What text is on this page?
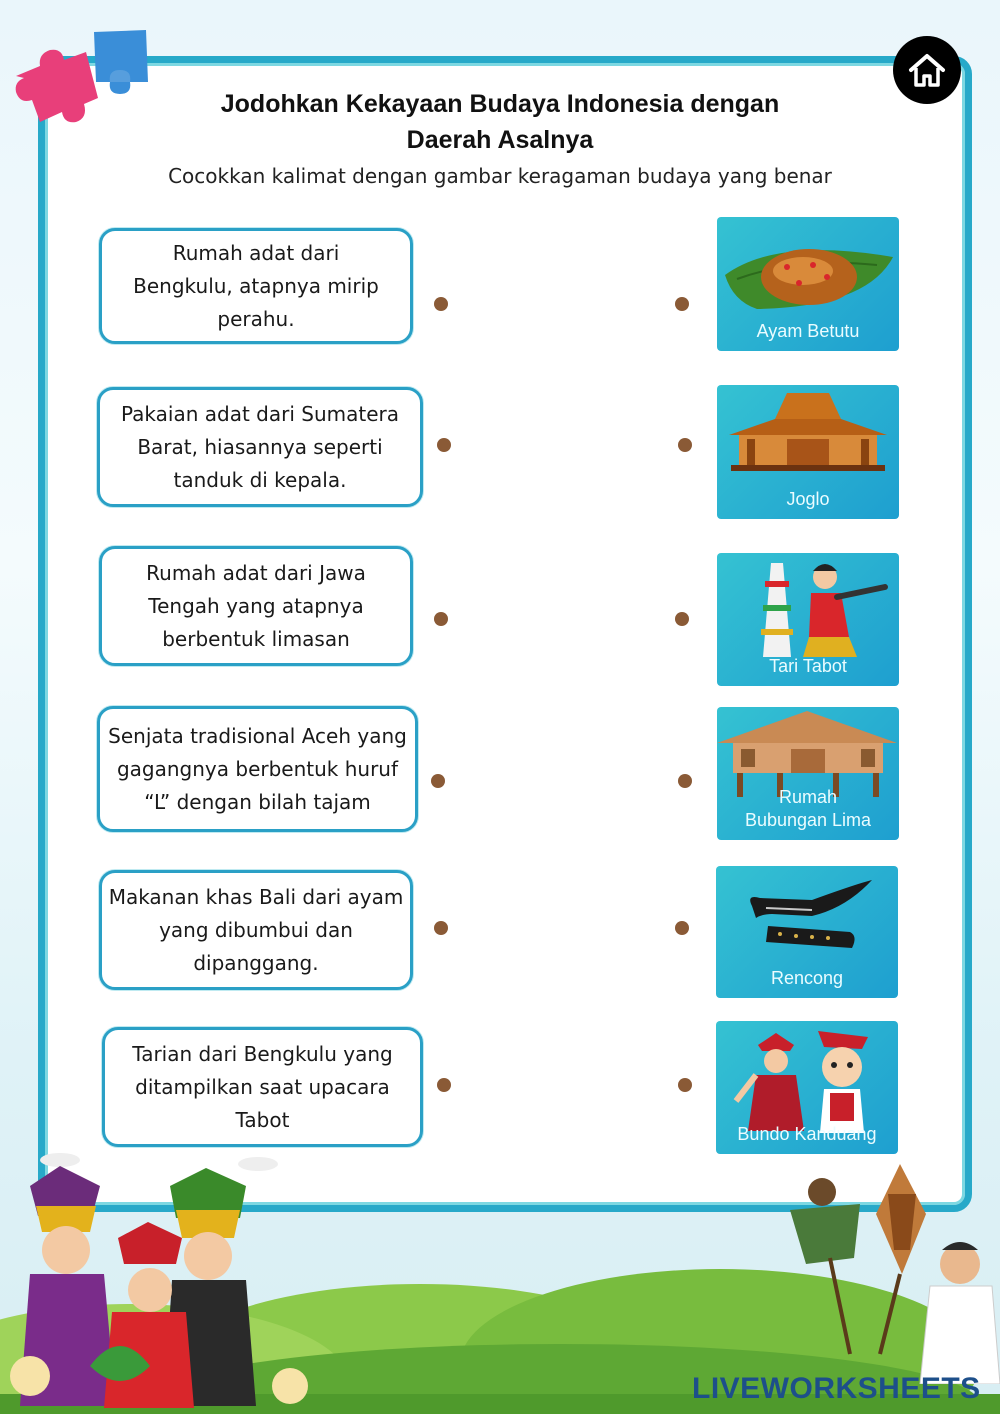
Jodohkan Kekayaan Budaya Indonesia dengan
Daerah Asalnya
Cocokkan kalimat dengan gambar keragaman budaya yang benar
Rumah adat dari
Bengkulu, atapnya mirip
perahu.
Pakaian adat dari Sumatera
Barat, hiasannya seperti
tanduk di kepala.
Rumah adat dari Jawa
Tengah yang atapnya
berbentuk limasan
Senjata tradisional Aceh yang
gagangnya berbentuk huruf
“L” dengan bilah tajam
Makanan khas Bali dari ayam
yang dibumbui dan
dipanggang.
Tarian dari Bengkulu yang
ditampilkan saat upacara
Tabot
Ayam Betutu
Joglo
Tari Tabot
Rumah
Bubungan Lima
Rencong
Bundo Kanduang
LIVEWORKSHEETS
